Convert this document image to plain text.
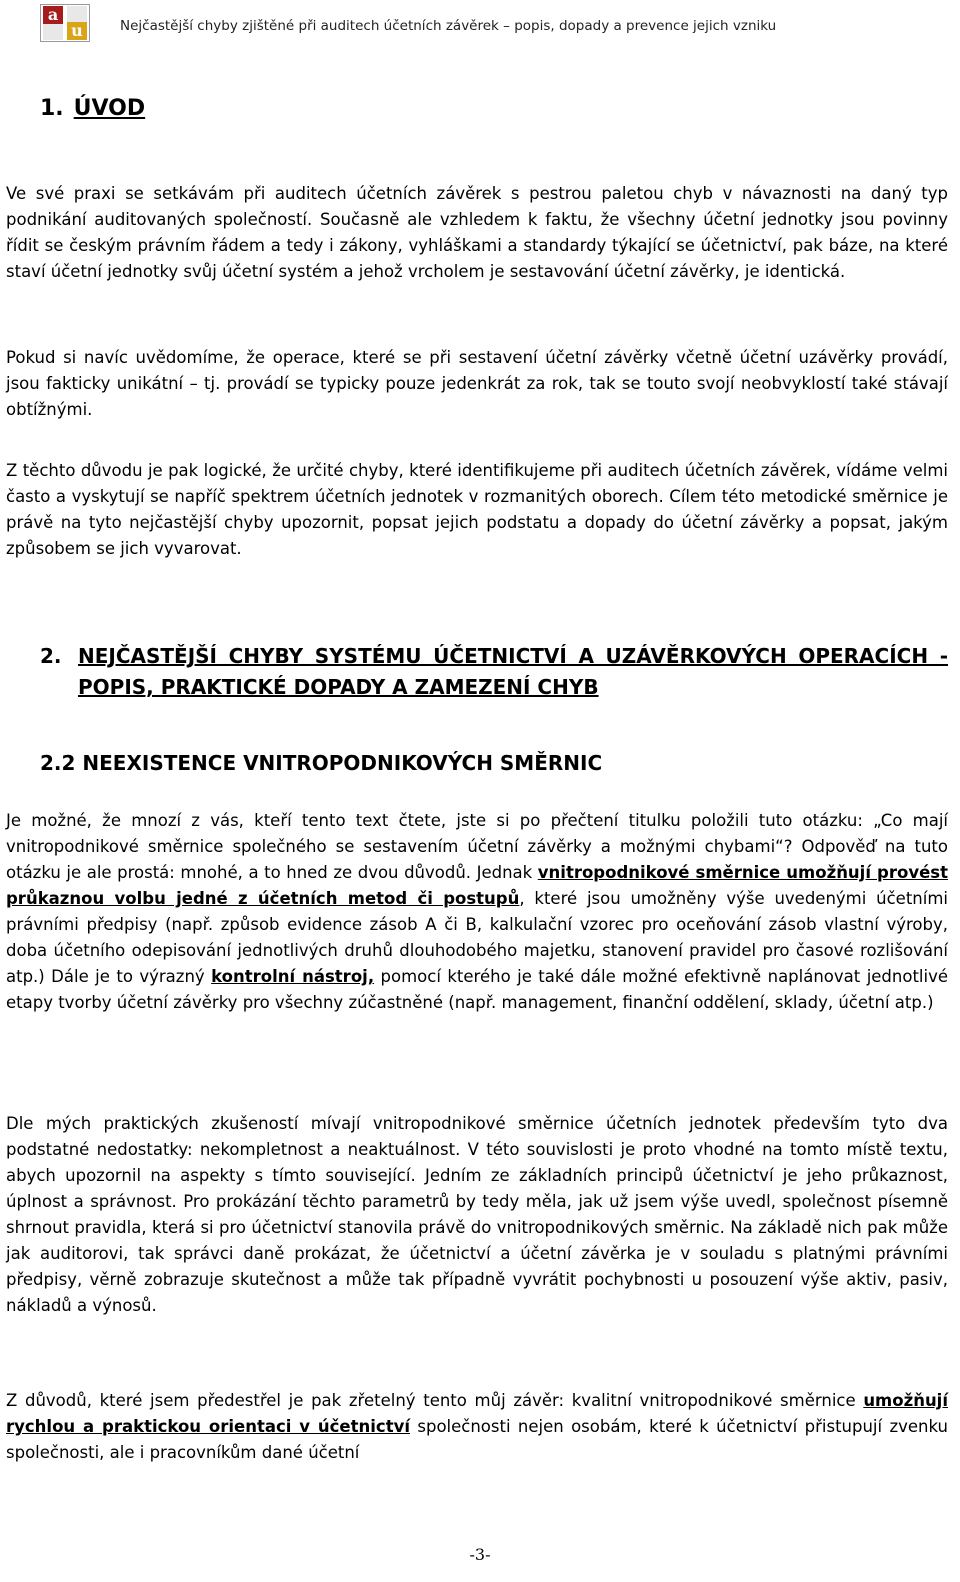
a
u	Nejčastější chyby zjištěné při auditech účetních závěrek – popis, dopady a prevence jejich vzniku
1. ÚVOD

Ve své praxi se setkávám při auditech účetních závěrek s pestrou paletou chyb v návaznosti na daný typ podnikání auditovaných společností. Současně ale vzhledem k faktu, že všechny účetní jednotky jsou povinny řídit se českým právním řádem a tedy i zákony, vyhláškami a standardy týkající se účetnictví, pak báze, na které staví účetní jednotky svůj účetní systém a jehož vrcholem je sestavování účetní závěrky, je identická.

Pokud si navíc uvědomíme, že operace, které se při sestavení účetní závěrky včetně účetní uzávěrky provádí, jsou fakticky unikátní – tj. provádí se typicky pouze jedenkrát za rok, tak se touto svojí neobvyklostí také stávají obtížnými.

Z těchto důvodu je pak logické, že určité chyby, které identifikujeme při auditech účetních závěrek, vídáme velmi často a vyskytují se napříč spektrem účetních jednotek v rozmanitých oborech. Cílem této metodické směrnice je právě na tyto nejčastější chyby upozornit, popsat jejich podstatu a dopady do účetní závěrky a popsat, jakým způsobem se jich vyvarovat.

2. NEJČASTĚJŠÍ CHYBY SYSTÉMU ÚČETNICTVÍ A UZÁVĚRKOVÝCH OPERACÍCH - POPIS, PRAKTICKÉ DOPADY A ZAMEZENÍ CHYB
2.2 NEEXISTENCE VNITROPODNIKOVÝCH SMĚRNIC

Je možné, že mnozí z vás, kteří tento text čtete, jste si po přečtení titulku položili tuto otázku: „Co mají vnitropodnikové směrnice společného se sestavením účetní závěrky a možnými chybami“? Odpověď na tuto otázku je ale prostá: mnohé, a to hned ze dvou důvodů. Jednak vnitropodnikové směrnice umožňují provést průkaznou volbu jedné z účetních metod či postupů, které jsou umožněny výše uvedenými účetními právními předpisy (např. způsob evidence zásob A či B, kalkulační vzorec pro oceňování zásob vlastní výroby, doba účetního odepisování jednotlivých druhů dlouhodobého majetku, stanovení pravidel pro časové rozlišování atp.) Dále je to výrazný kontrolní nástroj, pomocí kterého je také dále možné efektivně naplánovat jednotlivé etapy tvorby účetní závěrky pro všechny zúčastněné (např. management, finanční oddělení, sklady, účetní atp.)

Dle mých praktických zkušeností mívají vnitropodnikové směrnice účetních jednotek především tyto dva podstatné nedostatky: nekompletnost a neaktuálnost. V této souvislosti je proto vhodné na tomto místě textu, abych upozornil na aspekty s tímto související. Jedním ze základních principů účetnictví je jeho průkaznost, úplnost a správnost. Pro prokázání těchto parametrů by tedy měla, jak už jsem výše uvedl, společnost písemně shrnout pravidla, která si pro účetnictví stanovila právě do vnitropodnikových směrnic. Na základě nich pak může jak auditorovi, tak správci daně prokázat, že účetnictví a účetní závěrka je v souladu s platnými právními předpisy, věrně zobrazuje skutečnost a může tak případně vyvrátit pochybnosti u posouzení výše aktiv, pasiv, nákladů a výnosů.

Z důvodů, které jsem předestřel je pak zřetelný tento můj závěr: kvalitní vnitropodnikové směrnice umožňují rychlou a praktickou orientaci v účetnictví společnosti nejen osobám, které k účetnictví přistupují zvenku společnosti, ale i pracovníkům dané účetní

-3-
